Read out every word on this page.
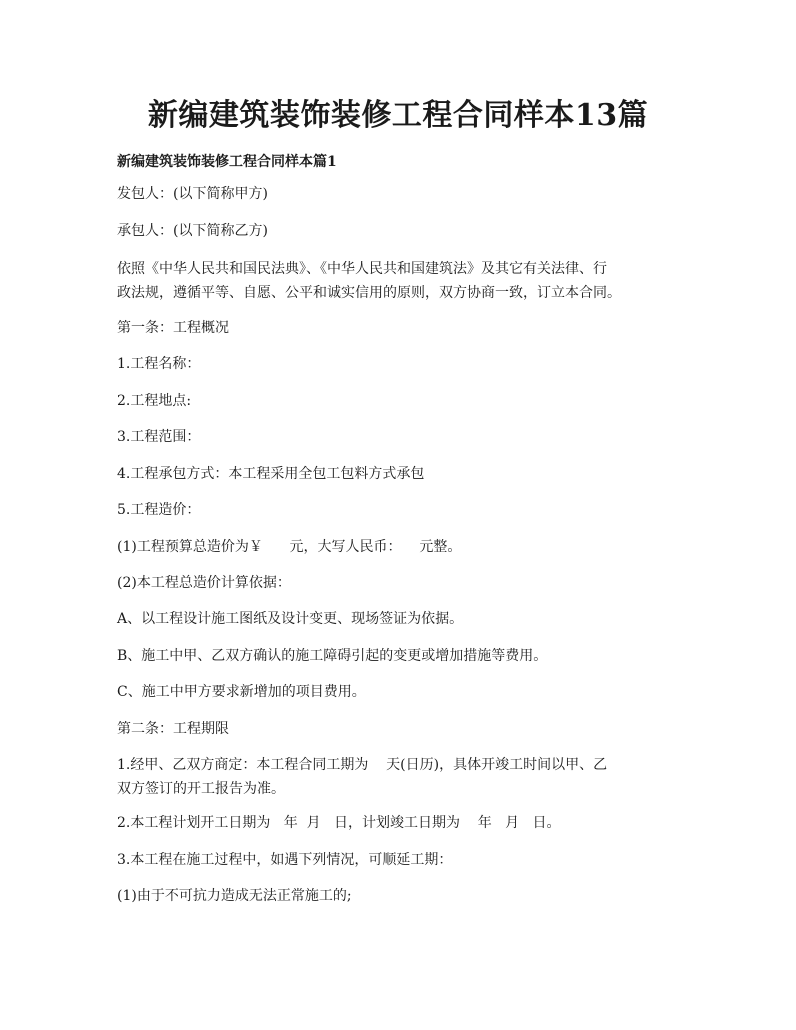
新编建筑装饰装修工程合同样本13篇
新编建筑装饰装修工程合同样本篇1
发包人：(以下简称甲方)
承包人：(以下简称乙方)
依照《中华人民共和国民法典》、《中华人民共和国建筑法》及其它有关法律、行
政法规，遵循平等、自愿、公平和诚实信用的原则，双方协商一致，订立本合同。
第一条：工程概况
1.工程名称：
2.工程地点:
3.工程范围：
4.工程承包方式：本工程采用全包工包料方式承包
5.工程造价：
(1)工程预算总造价为￥      元，大写人民币：    元整。
(2)本工程总造价计算依据：
A、以工程设计施工图纸及设计变更、现场签证为依据。
B、施工中甲、乙双方确认的施工障碍引起的变更或增加措施等费用。
C、施工中甲方要求新增加的项目费用。
第二条：工程期限
1.经甲、乙双方商定：本工程合同工期为    天(日历)，具体开竣工时间以甲、乙
双方签订的开工报告为准。
2.本工程计划开工日期为   年  月   日，计划竣工日期为    年   月   日。
3.本工程在施工过程中，如遇下列情况，可顺延工期：
(1)由于不可抗力造成无法正常施工的;
